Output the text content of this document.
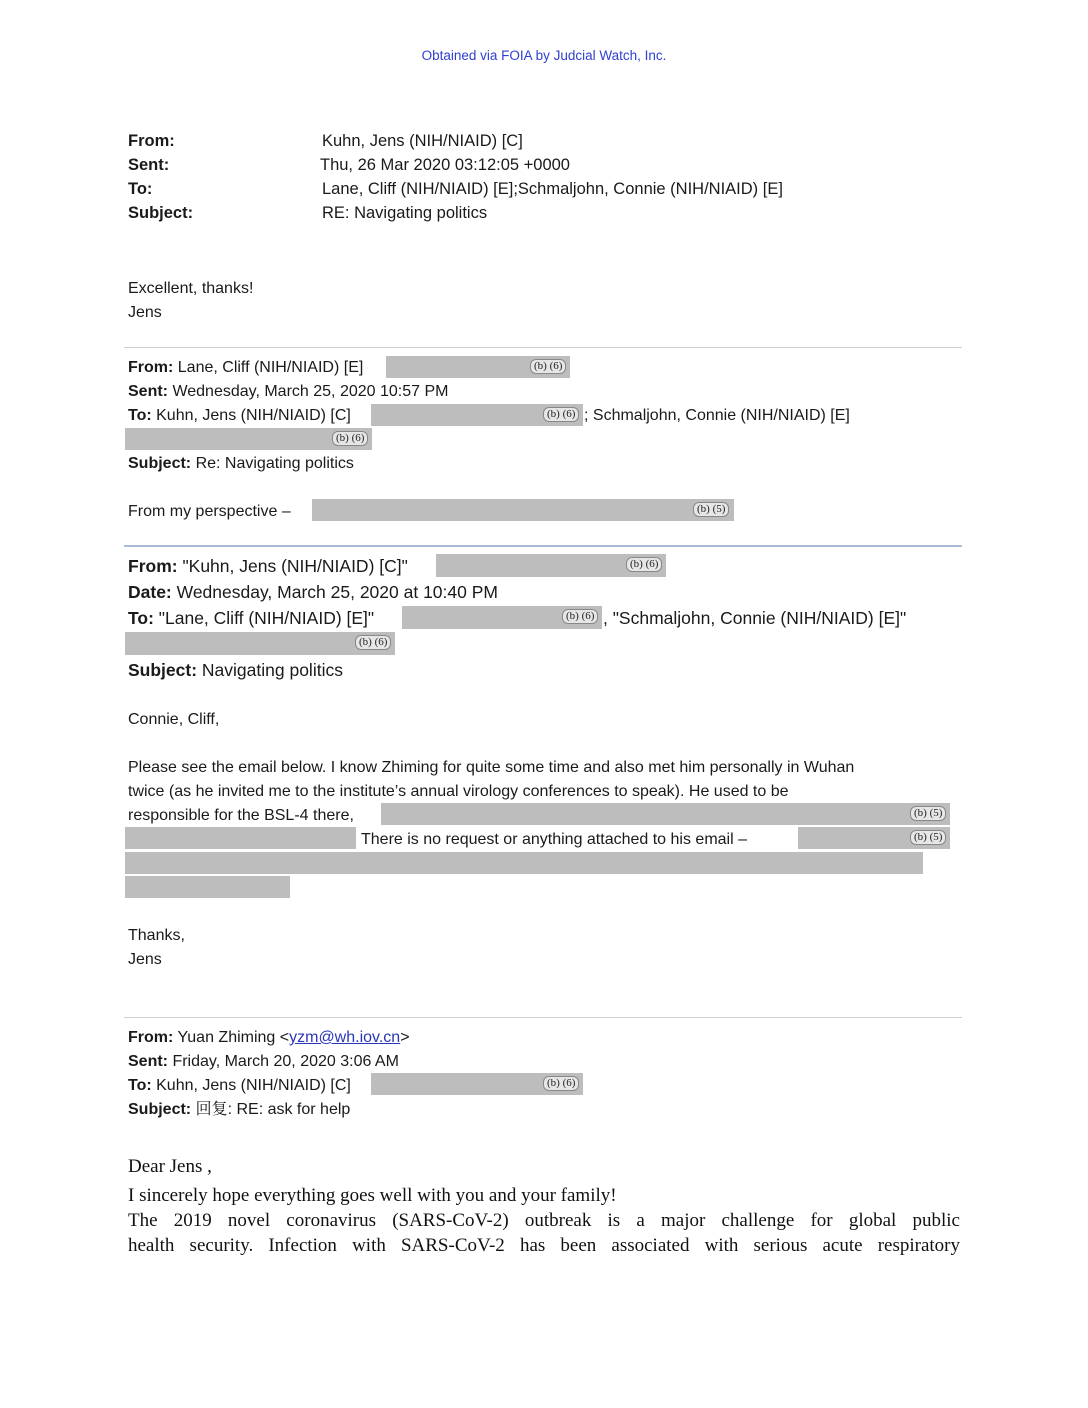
Obtained via FOIA by Judcial Watch, Inc.
From:	Kuhn, Jens (NIH/NIAID) [C]
Sent:	Thu, 26 Mar 2020 03:12:05 +0000
To:	Lane, Cliff (NIH/NIAID) [E];Schmaljohn, Connie (NIH/NIAID) [E]
Subject:	RE: Navigating politics
Excellent, thanks!
Jens
From: Lane, Cliff (NIH/NIAID) [E]	(b) (6)
Sent: Wednesday, March 25, 2020 10:57 PM
To: Kuhn, Jens (NIH/NIAID) [C]	(b) (6) ; Schmaljohn, Connie (NIH/NIAID) [E]
(b) (6)
Subject: Re: Navigating politics
From my perspective –	(b) (5)
From: "Kuhn, Jens (NIH/NIAID) [C]"	(b) (6)
Date: Wednesday, March 25, 2020 at 10:40 PM
To: "Lane, Cliff (NIH/NIAID) [E]"	(b) (6) , "Schmaljohn, Connie (NIH/NIAID) [E]"
(b) (6)
Subject: Navigating politics
Connie, Cliff,
Please see the email below. I know Zhiming for quite some time and also met him personally in Wuhan
twice (as he invited me to the institute’s annual virology conferences to speak). He used to be
responsible for the BSL-4 there,	(b) (5)
There is no request or anything attached to his email –	(b) (5)
Thanks,
Jens
From: Yuan Zhiming <yzm@wh.iov.cn>
Sent: Friday, March 20, 2020 3:06 AM
To: Kuhn, Jens (NIH/NIAID) [C]	(b) (6)
Subject: 回复: RE: ask for help
Dear Jens ,
I sincerely hope everything goes well with you and your family!
The 2019 novel coronavirus (SARS-CoV-2) outbreak is a major challenge for global public
health security. Infection with SARS-CoV-2 has been associated with serious acute respiratory
